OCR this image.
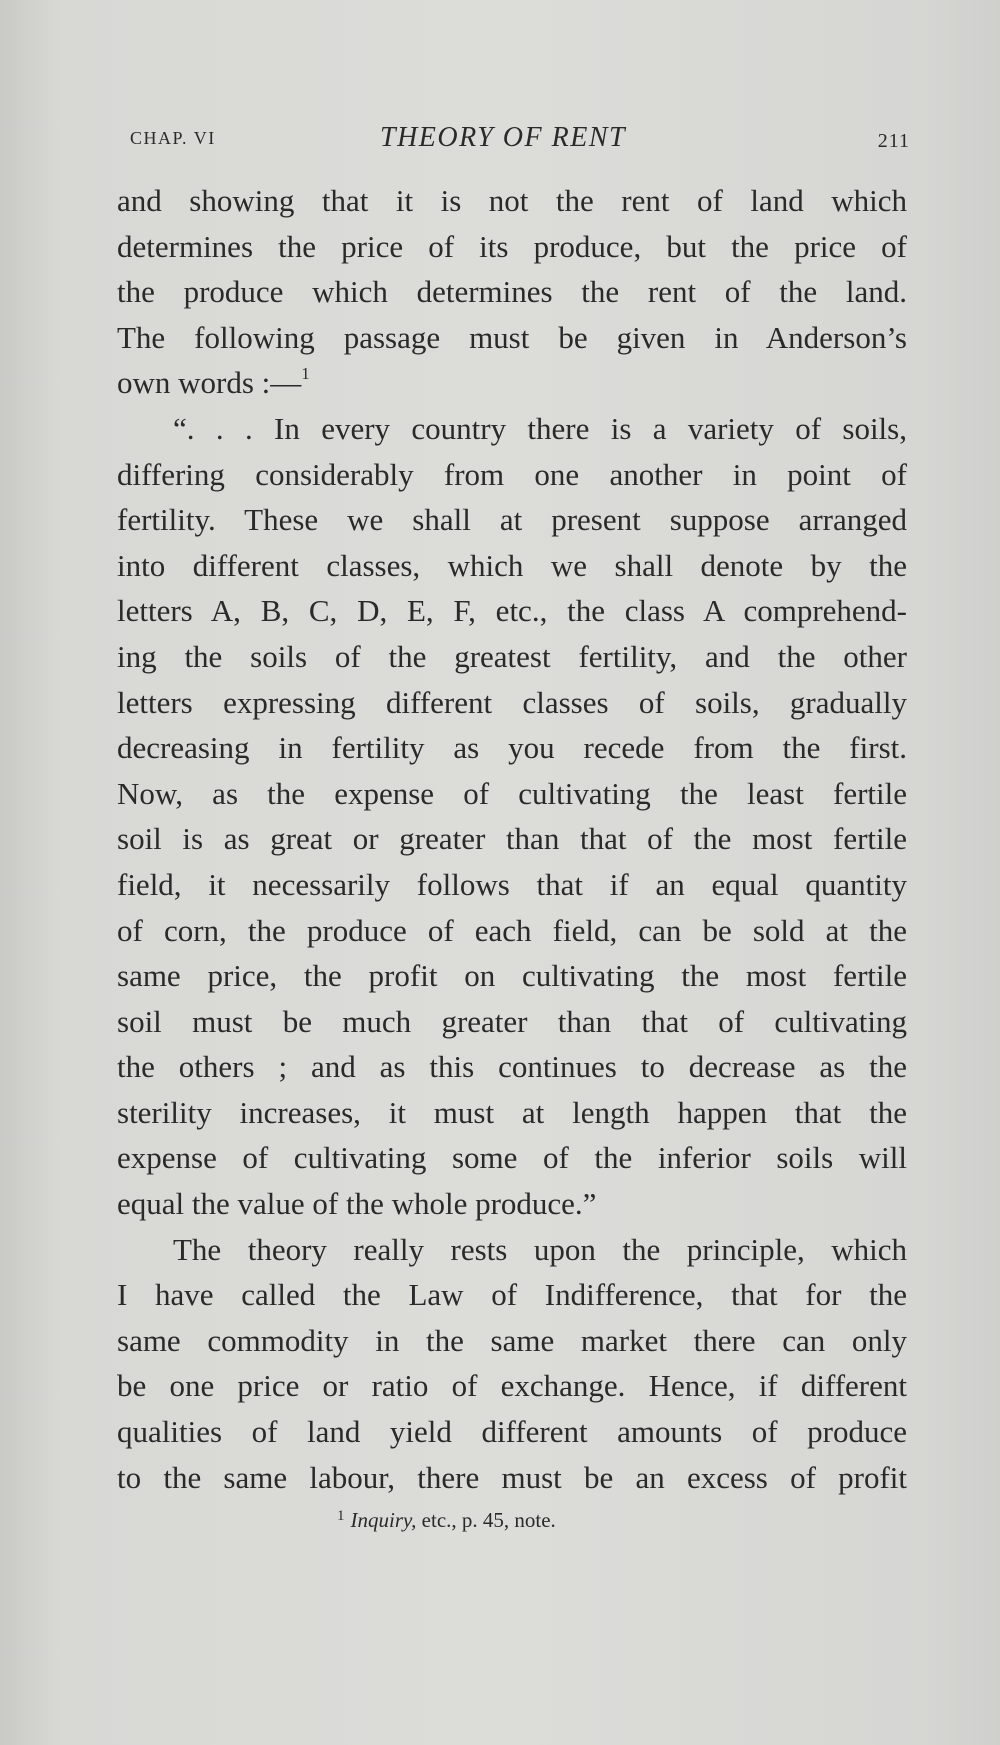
CHAP. VI	THEORY OF RENT	211
and showing that it is not the rent of land which
determines the price of its produce, but the price of
the produce which determines the rent of the land.
The following passage must be given in Anderson’s
own words :—$^1$
“. . . In every country there is a variety of soils,
differing considerably from one another in point of
fertility. These we shall at present suppose arranged
into different classes, which we shall denote by the
letters A, B, C, D, E, F, etc., the class A comprehend-
ing the soils of the greatest fertility, and the other
letters expressing different classes of soils, gradually
decreasing in fertility as you recede from the first.
Now, as the expense of cultivating the least fertile
soil is as great or greater than that of the most fertile
field, it necessarily follows that if an equal quantity
of corn, the produce of each field, can be sold at the
same price, the profit on cultivating the most fertile
soil must be much greater than that of cultivating
the others ; and as this continues to decrease as the
sterility increases, it must at length happen that the
expense of cultivating some of the inferior soils will
equal the value of the whole produce.”
The theory really rests upon the principle, which
I have called the Law of Indifference, that for the
same commodity in the same market there can only
be one price or ratio of exchange. Hence, if different
qualities of land yield different amounts of produce
to the same labour, there must be an excess of profit
$^1$ Inquiry, etc., p. 45, note.
